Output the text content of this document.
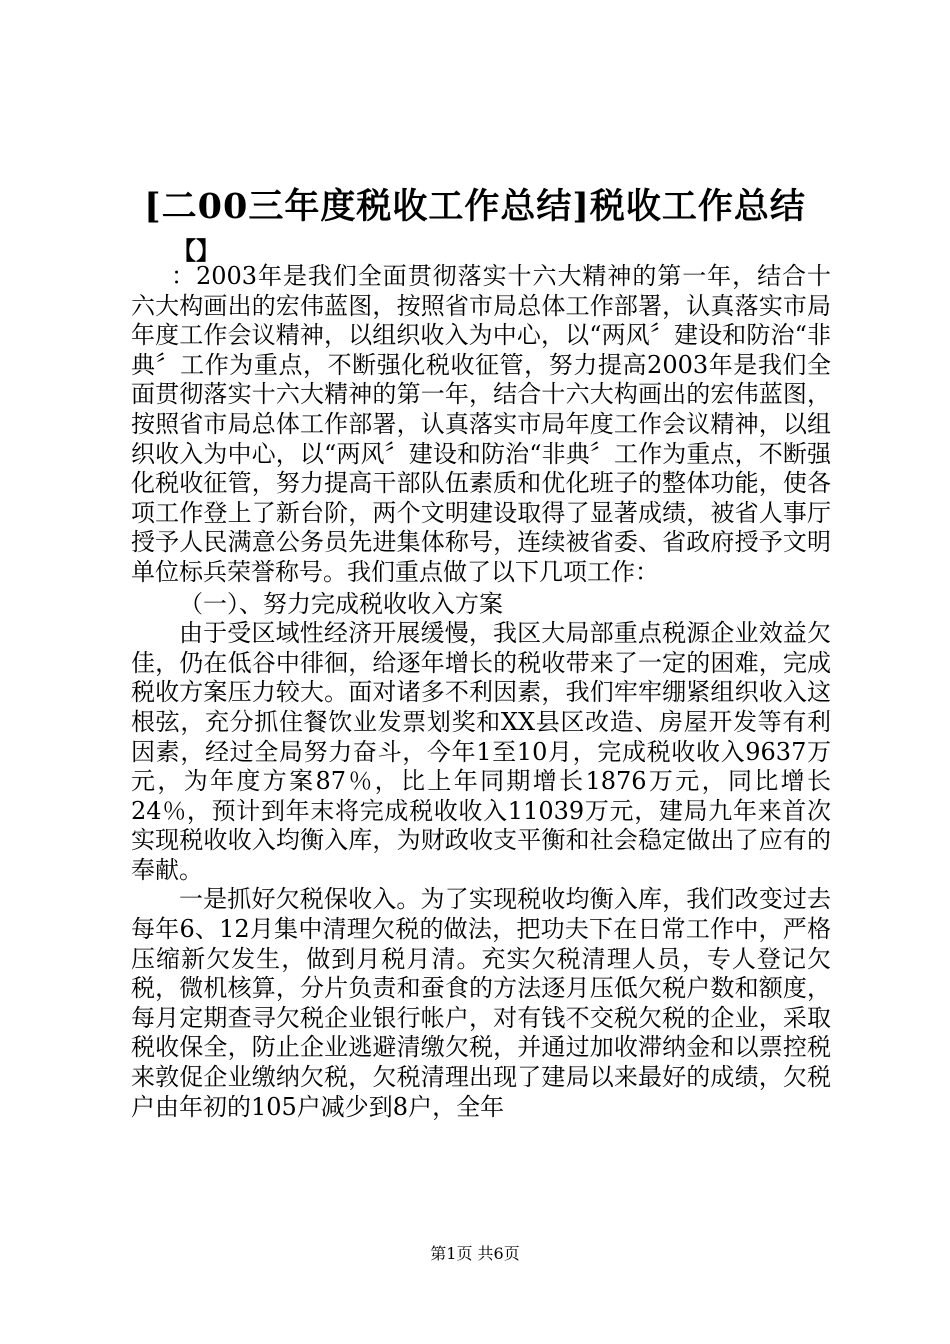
[二00三年度税收工作总结]税收工作总结
【】

：2003年是我们全面贯彻落实十六大精神的第一年，结合十六大构画出的宏伟蓝图，按照省市局总体工作部署，认真落实市局年度工作会议精神，以组织收入为中心，以“两风〞建设和防治“非典〞工作为重点，不断强化税收征管，努力提高2003年是我们全面贯彻落实十六大精神的第一年，结合十六大构画出的宏伟蓝图，按照省市局总体工作部署，认真落实市局年度工作会议精神，以组织收入为中心，以“两风〞建设和防治“非典〞工作为重点，不断强化税收征管，努力提高干部队伍素质和优化班子的整体功能，使各项工作登上了新台阶，两个文明建设取得了显著成绩，被省人事厅授予人民满意公务员先进集体称号，连续被省委、省政府授予文明单位标兵荣誉称号。我们重点做了以下几项工作：

（一）、努力完成税收收入方案

由于受区域性经济开展缓慢，我区大局部重点税源企业效益欠佳，仍在低谷中徘徊，给逐年增长的税收带来了一定的困难，完成税收方案压力较大。面对诸多不利因素，我们牢牢绷紧组织收入这根弦，充分抓住餐饮业发票划奖和XX县区改造、房屋开发等有利因素，经过全局努力奋斗，今年1至10月，完成税收收入9637万元，为年度方案87％，比上年同期增长1876万元，同比增长24％，预计到年末将完成税收收入11039万元，建局九年来首次实现税收收入均衡入库，为财政收支平衡和社会稳定做出了应有的奉献。

一是抓好欠税保收入。为了实现税收均衡入库，我们改变过去每年6、12月集中清理欠税的做法，把功夫下在日常工作中，严格压缩新欠发生，做到月税月清。充实欠税清理人员，专人登记欠税，微机核算，分片负责和蚕食的方法逐月压低欠税户数和额度，每月定期查寻欠税企业银行帐户，对有钱不交税欠税的企业，采取税收保全，防止企业逃避清缴欠税，并通过加收滞纳金和以票控税来敦促企业缴纳欠税，欠税清理出现了建局以来最好的成绩，欠税户由年初的105户减少到8户，全年

第1页 共6页
